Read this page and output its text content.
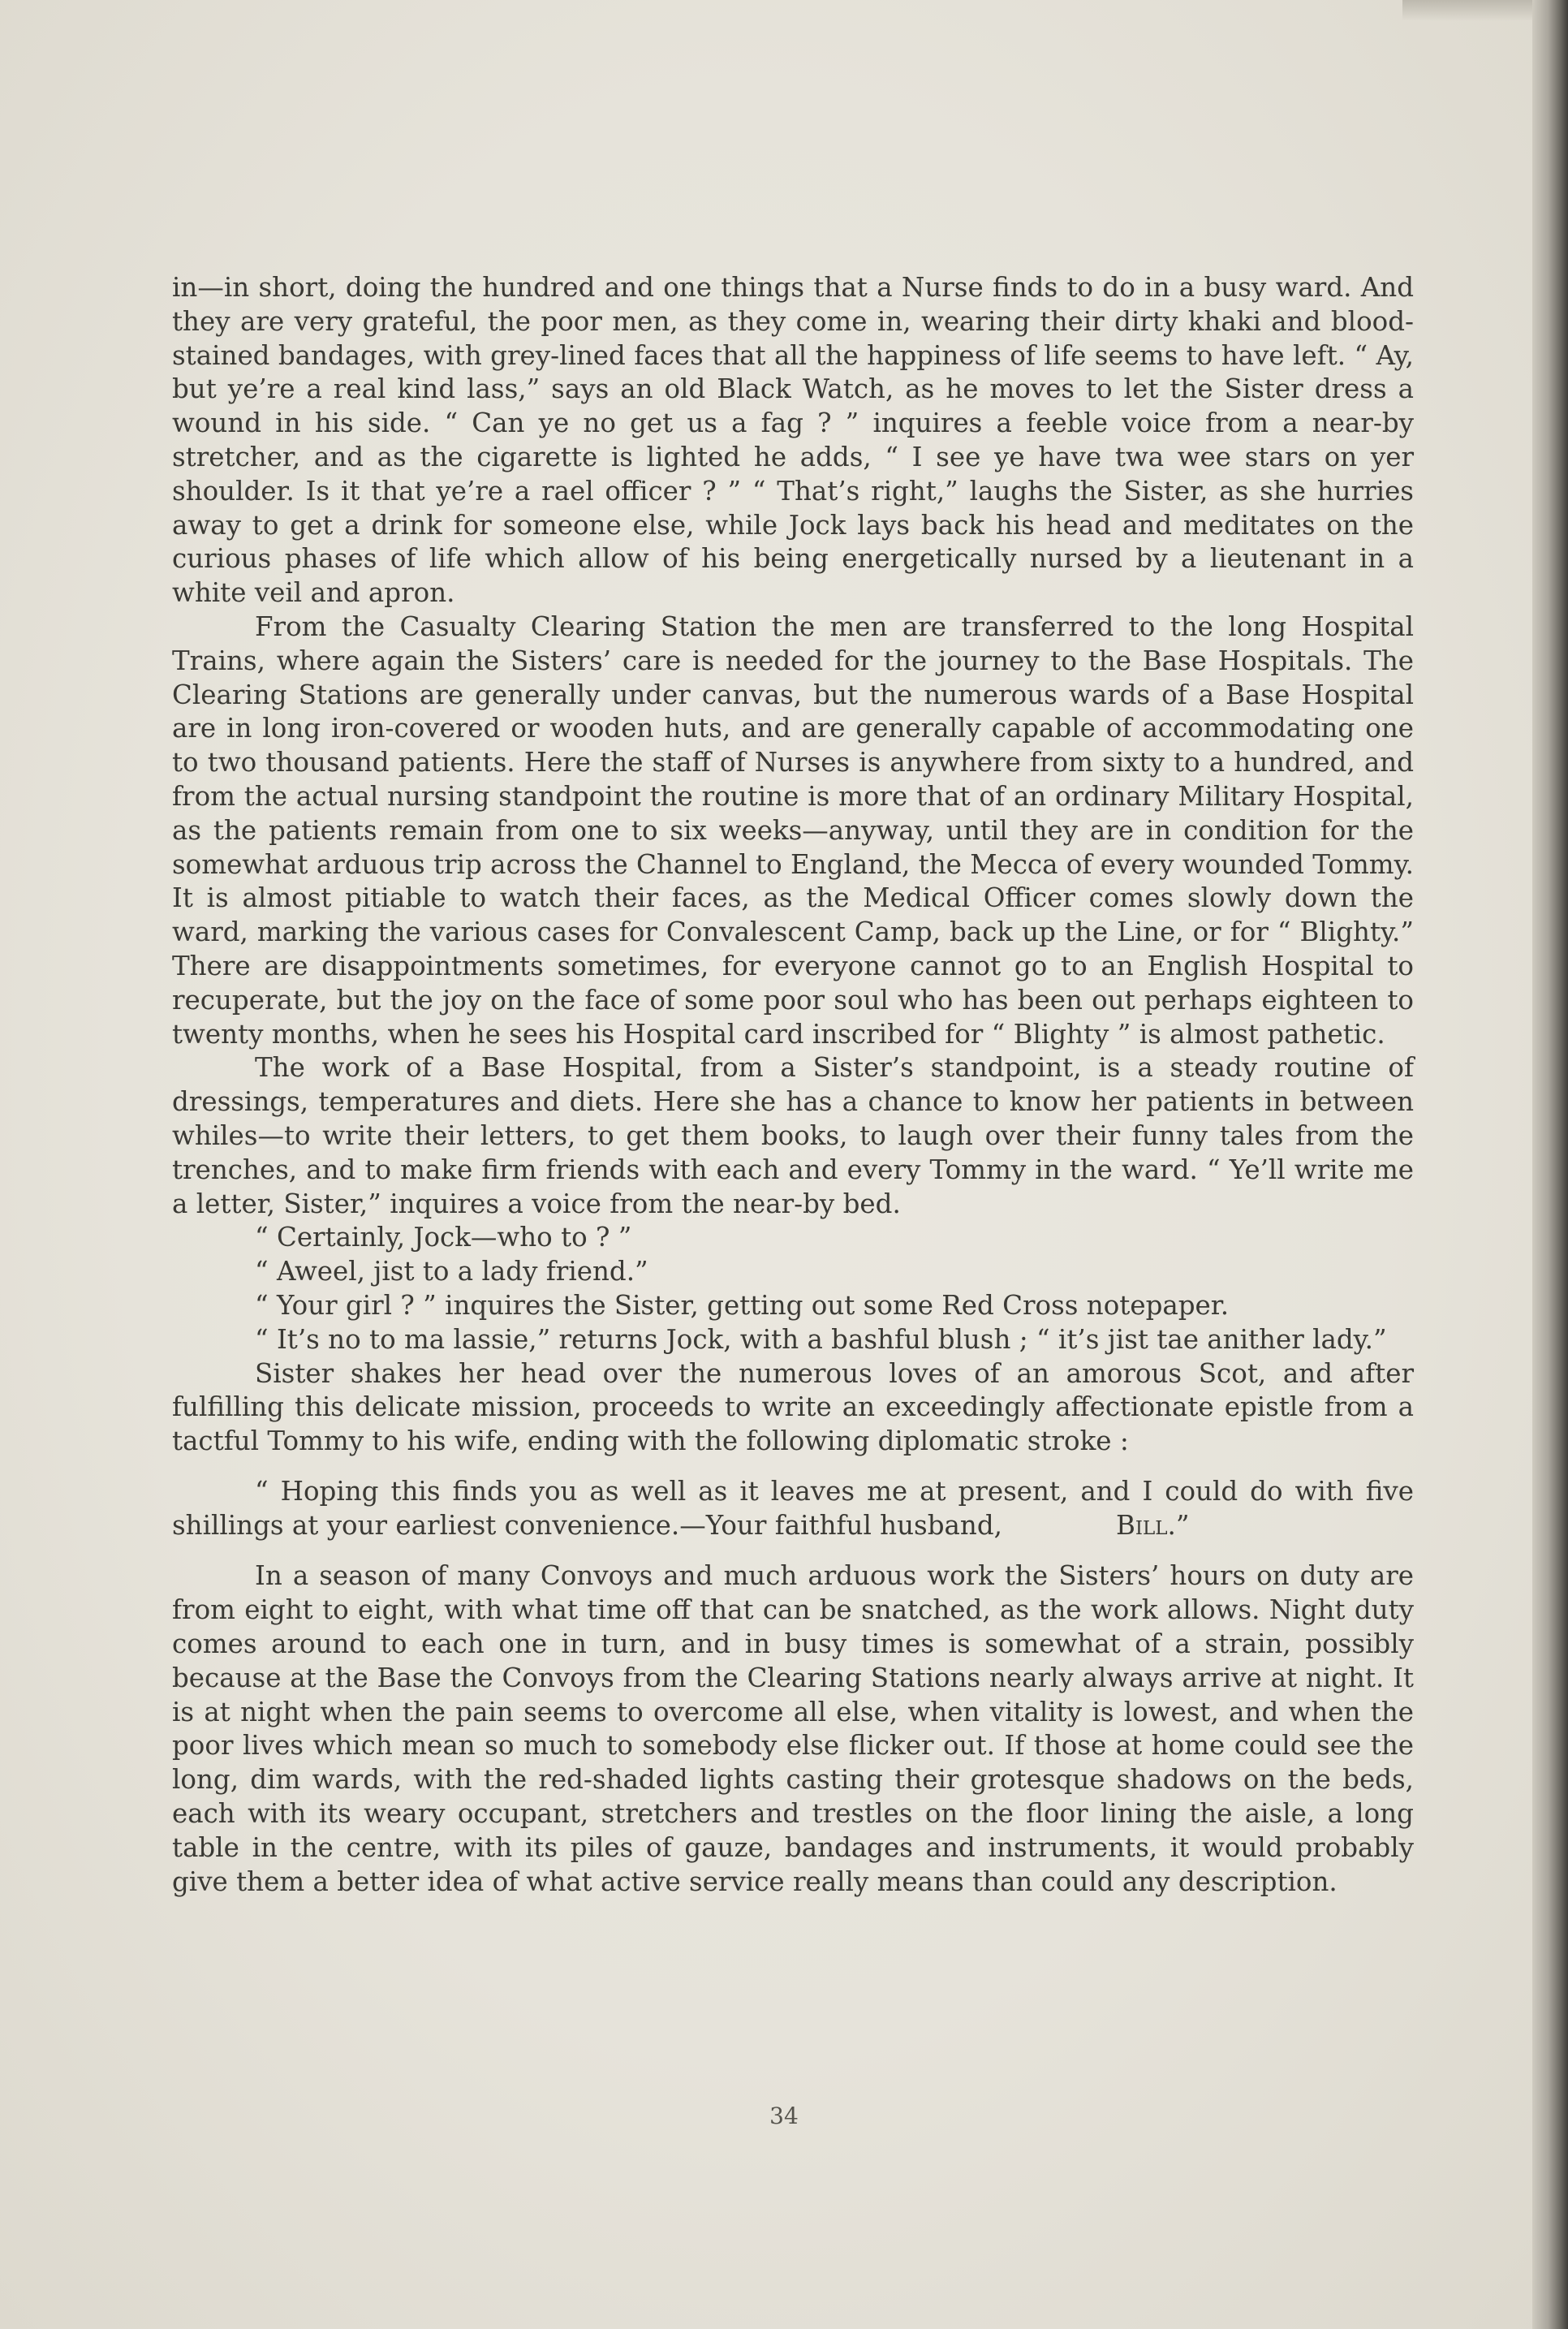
in—in short, doing the hundred and one things that a Nurse finds to do in a busy ward. And they are very grateful, the poor men, as they come in, wearing their dirty khaki and blood-stained bandages, with grey-lined faces that all the happiness of life seems to have left. “ Ay, but ye’re a real kind lass,” says an old Black Watch, as he moves to let the Sister dress a wound in his side. “ Can ye no get us a fag ? ” inquires a feeble voice from a near-by stretcher, and as the cigarette is lighted he adds, “ I see ye have twa wee stars on yer shoulder. Is it that ye’re a rael officer ? ” “ That’s right,” laughs the Sister, as she hurries away to get a drink for someone else, while Jock lays back his head and meditates on the curious phases of life which allow of his being energetically nursed by a lieutenant in a white veil and apron.

From the Casualty Clearing Station the men are transferred to the long Hospital Trains, where again the Sisters’ care is needed for the journey to the Base Hospitals. The Clearing Stations are generally under canvas, but the numerous wards of a Base Hospital are in long iron-covered or wooden huts, and are generally capable of accommodating one to two thousand patients. Here the staff of Nurses is anywhere from sixty to a hundred, and from the actual nursing standpoint the routine is more that of an ordinary Military Hospital, as the patients remain from one to six weeks—anyway, until they are in condition for the somewhat arduous trip across the Channel to England, the Mecca of every wounded Tommy. It is almost pitiable to watch their faces, as the Medical Officer comes slowly down the ward, marking the various cases for Convalescent Camp, back up the Line, or for “ Blighty.” There are disappointments sometimes, for everyone cannot go to an English Hospital to recuperate, but the joy on the face of some poor soul who has been out perhaps eighteen to twenty months, when he sees his Hospital card inscribed for “ Blighty ” is almost pathetic.

The work of a Base Hospital, from a Sister’s standpoint, is a steady routine of dressings, temperatures and diets. Here she has a chance to know her patients in between whiles—to write their letters, to get them books, to laugh over their funny tales from the trenches, and to make firm friends with each and every Tommy in the ward. “ Ye’ll write me a letter, Sister,” inquires a voice from the near-by bed.

“ Certainly, Jock—who to ? ”

“ Aweel, jist to a lady friend.”

“ Your girl ? ” inquires the Sister, getting out some Red Cross notepaper.

“ It’s no to ma lassie,” returns Jock, with a bashful blush ; “ it’s jist tae anither lady.”

Sister shakes her head over the numerous loves of an amorous Scot, and after fulfilling this delicate mission, proceeds to write an exceedingly affectionate epistle from a tactful Tommy to his wife, ending with the following diplomatic stroke :

“ Hoping this finds you as well as it leaves me at present, and I could do with five shillings at your earliest convenience.—Your faithful husband,	Bill.”

In a season of many Convoys and much arduous work the Sisters’ hours on duty are from eight to eight, with what time off that can be snatched, as the work allows. Night duty comes around to each one in turn, and in busy times is somewhat of a strain, possibly because at the Base the Convoys from the Clearing Stations nearly always arrive at night. It is at night when the pain seems to overcome all else, when vitality is lowest, and when the poor lives which mean so much to somebody else flicker out. If those at home could see the long, dim wards, with the red-shaded lights casting their grotesque shadows on the beds, each with its weary occupant, stretchers and trestles on the floor lining the aisle, a long table in the centre, with its piles of gauze, bandages and instruments, it would probably give them a better idea of what active service really means than could any description.

34
